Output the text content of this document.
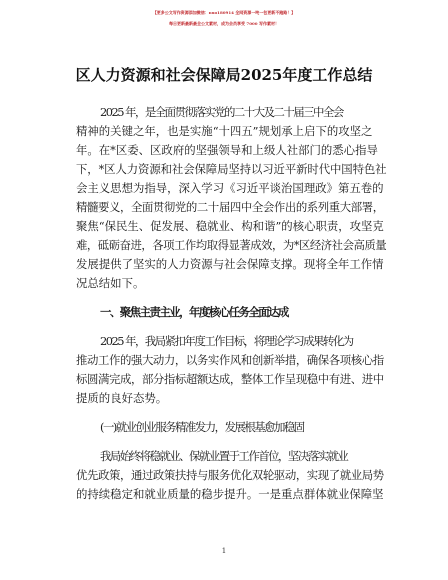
【更多公文写作资源添加微信：nuo180914 全网资源一吨一包更新不跑路！】
每日更新最新最全公文素材，成为会员享受 7000 写作素材！
区人力资源和社会保障局2025年度工作总结
2025 年，是全面贯彻落实党的二十大及二十届三中全会
精神的关键之年，也是实施“十四五”规划承上启下的攻坚之
年。在*区委、区政府的坚强领导和上级人社部门的悉心指导
下，*区人力资源和社会保障局坚持以习近平新时代中国特色社
会主义思想为指导，深入学习《习近平谈治国理政》第五卷的
精髓要义，全面贯彻党的二十届四中全会作出的系列重大部署，
聚焦“保民生、促发展、稳就业、构和谐”的核心职责，攻坚克
难，砥砺奋进，各项工作均取得显著成效，为*区经济社会高质量
发展提供了坚实的人力资源与社会保障支撑。现将全年工作情
况总结如下。
一、聚焦主责主业，年度核心任务全面达成
2025 年，我局紧扣年度工作目标，将理论学习成果转化为
推动工作的强大动力，以务实作风和创新举措，确保各项核心指
标圆满完成，部分指标超额达成，整体工作呈现稳中有进、进中
提质的良好态势。
(一)就业创业服务精准发力，发展根基愈加稳固
我局始终将稳就业、保就业置于工作首位，坚决落实就业
优先政策，通过政策扶持与服务优化双轮驱动，实现了就业局势
的持续稳定和就业质量的稳步提升。一是重点群体就业保障坚
1
